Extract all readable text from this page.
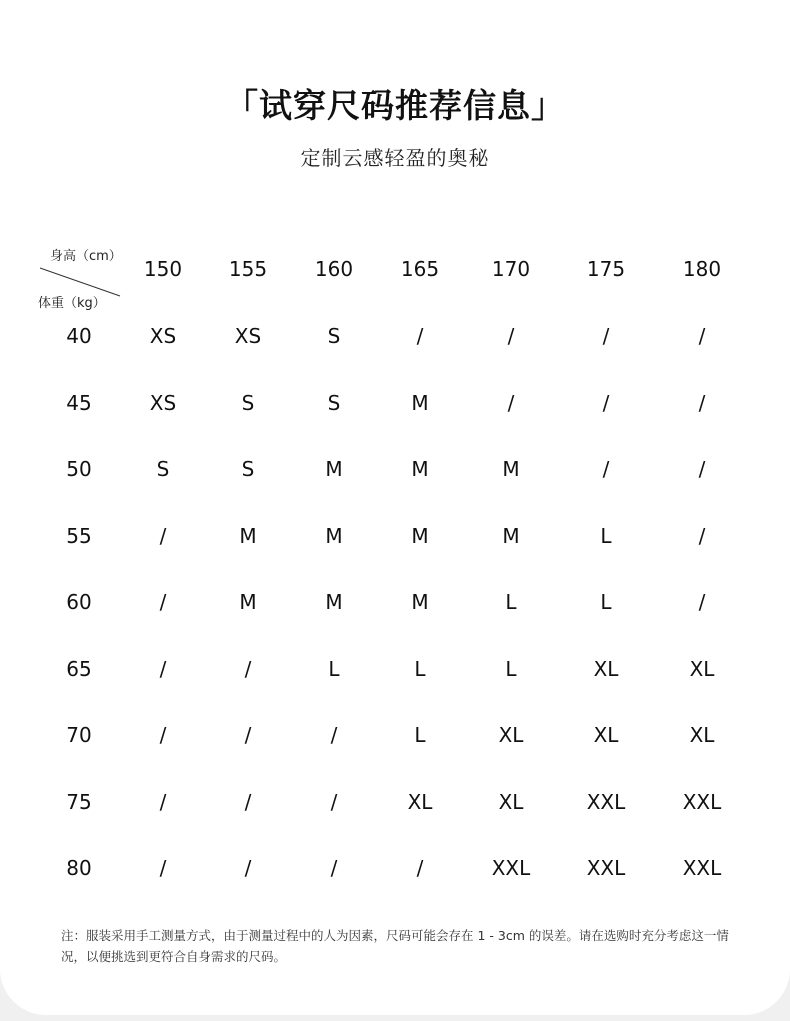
「试穿尺码推荐信息」
定制云感轻盈的奥秘
身高（cm）
体重（kg）
150	155	160	165	170	175	180
40	XS	XS	S	/	/	/	/
45	XS	S	S	M	/	/	/
50	S	S	M	M	M	/	/
55	/	M	M	M	M	L	/
60	/	M	M	M	L	L	/
65	/	/	L	L	L	XL	XL
70	/	/	/	L	XL	XL	XL
75	/	/	/	XL	XL	XXL	XXL
80	/	/	/	/	XXL	XXL	XXL
注：服装采用手工测量方式，由于测量过程中的人为因素，尺码可能会存在 1 - 3cm 的误差。请在选购时充分考虑这一情况，以便挑选到更符合自身需求的尺码。
